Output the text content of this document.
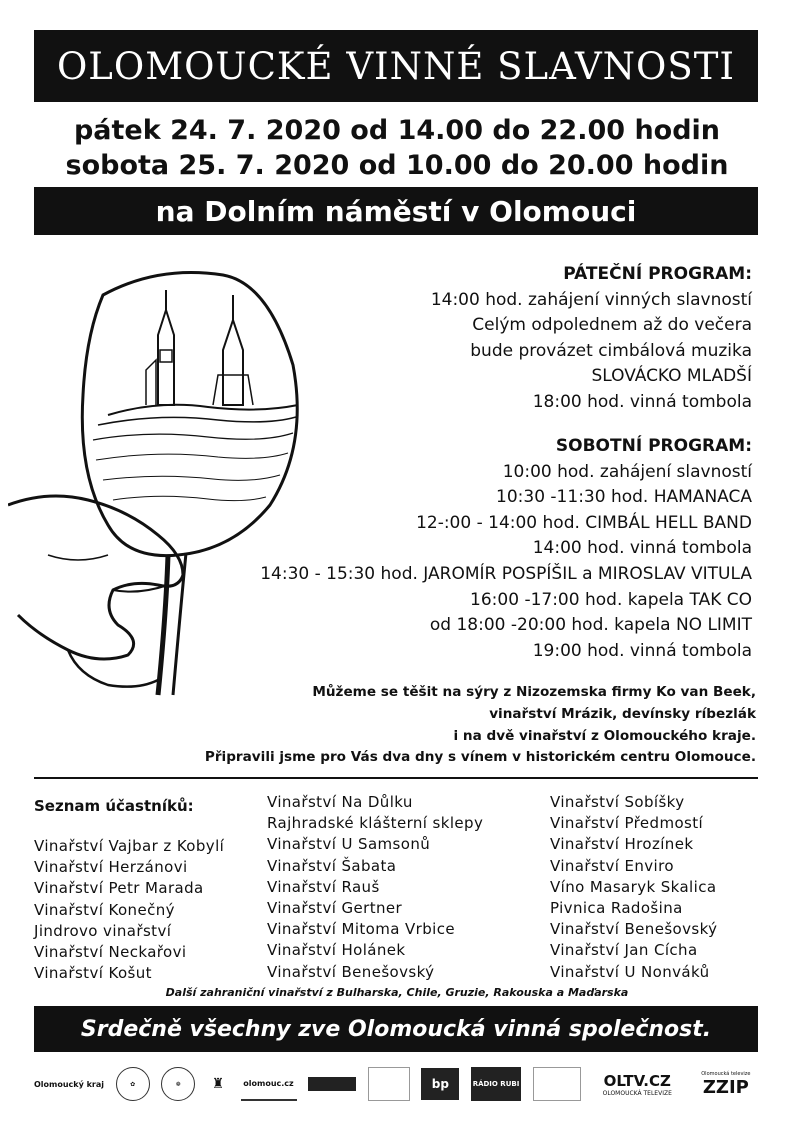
OLOMOUCKÉ VINNÉ SLAVNOSTI
pátek 24. 7. 2020 od 14.00 do 22.00 hodin
sobota 25. 7. 2020 od 10.00 do 20.00 hodin
na Dolním náměstí v Olomouci
PÁTEČNÍ PROGRAM:
14:00 hod. zahájení vinných slavností
Celým odpolednem až do večera
bude provázet cimbálová muzika
SLOVÁCKO MLADŠÍ
18:00 hod. vinná tombola
SOBOTNÍ PROGRAM:
10:00 hod. zahájení slavností
10:30 -11:30 hod. HAMANACA
12-:00 - 14:00 hod. CIMBÁL HELL BAND
14:00 hod. vinná tombola
14:30 - 15:30 hod. JAROMÍR POSPÍŠIL a MIROSLAV VITULA
16:00 -17:00 hod. kapela TAK CO
od 18:00 -20:00 hod. kapela NO LIMIT
19:00 hod. vinná tombola
Můžeme se těšit na sýry z Nizozemska firmy Ko van Beek,
vinařství Mrázik, devínsky ríbezlák
i na dvě vinařství z Olomouckého kraje.
Připravili jsme pro Vás dva dny s vínem v historickém centru Olomouce.
Seznam účastníků:
Vinařství Vajbar z Kobylí
Vinařství Herzánovi
Vinařství Petr Marada
Vinařství Konečný
Jindrovo vinařství
Vinařství Neckařovi
Vinařství Košut
Vinařství Na Důlku
Rajhradské klášterní sklepy
Vinařství U Samsonů
Vinařství Šabata
Vinařství Rauš
Vinařství Gertner
Vinařství Mitoma Vrbice
Vinařství Holánek
Vinařství Benešovský
Vinařství Sobíšky
Vinařství Předmostí
Vinařství Hrozínek
Vinařství Enviro
Víno Masaryk Skalica
Pivnica Radošina
Vinařství Benešovský
Vinařství Jan Cícha
Vinařství U Nonváků
Další zahraniční vinařství z Bulharska, Chile, Gruzie, Rakouska a Maďarska
Srdečně všechny zve Olomoucká vinná společnost.
Olomoucký kraj	✿	❁	♜	olomouc.cz	bp	RÁDIO RUBI	OLTV.CZ
OLOMOUCKÁ TELEVIZE
Olomoucká televize
ZZIP
